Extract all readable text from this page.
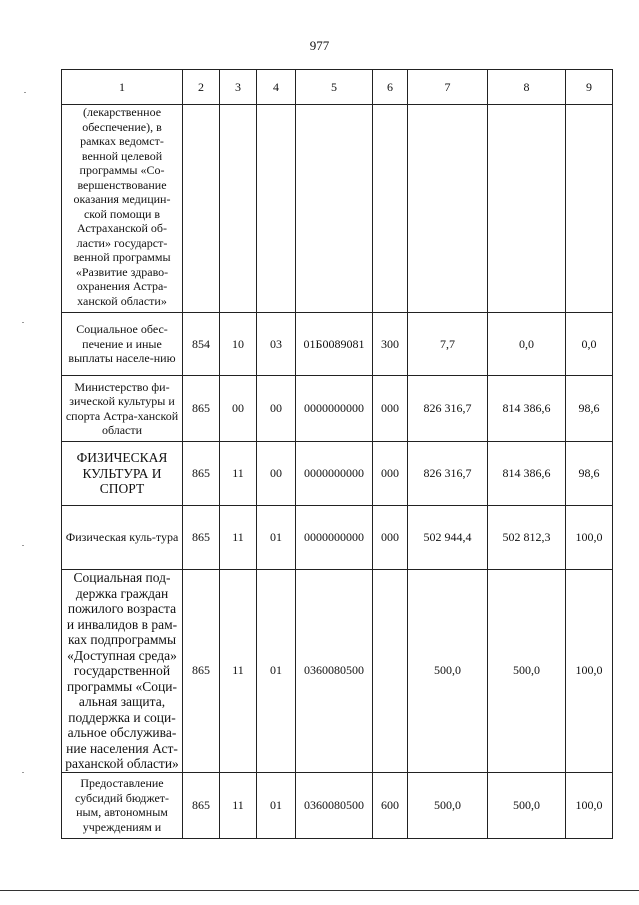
977
1	2	3	4	5	6	7	8	9
(лекарственное обеспечение), в рамках ведомст-венной целевой программы «Со-вершенствование оказания медицин-ской помощи в Астраханской об-ласти» государст-венной программы «Развитие здраво-охранения Астра-ханской области»								
Социальное обес-печение и иные выплаты населе-нию	854	10	03	01Б0089081	300	7,7	0,0	0,0
Министерство фи-зической культуры и спорта Астра-ханской области	865	00	00	0000000000	000	826 316,7	814 386,6	98,6
ФИЗИЧЕСКАЯ КУЛЬТУРА И СПОРТ	865	11	00	0000000000	000	826 316,7	814 386,6	98,6
Физическая куль-тура	865	11	01	0000000000	000	502 944,4	502 812,3	100,0
Социальная под-держка граждан пожилого возраста и инвалидов в рам-ках подпрограммы «Доступная среда» государственной программы «Соци-альная защита, поддержка и соци-альное обслужива-ние населения Аст-раханской области»	865	11	01	0360080500		500,0	500,0	100,0
Предоставление субсидий бюджет-ным, автономным учреждениям и	865	11	01	0360080500	600	500,0	500,0	100,0
